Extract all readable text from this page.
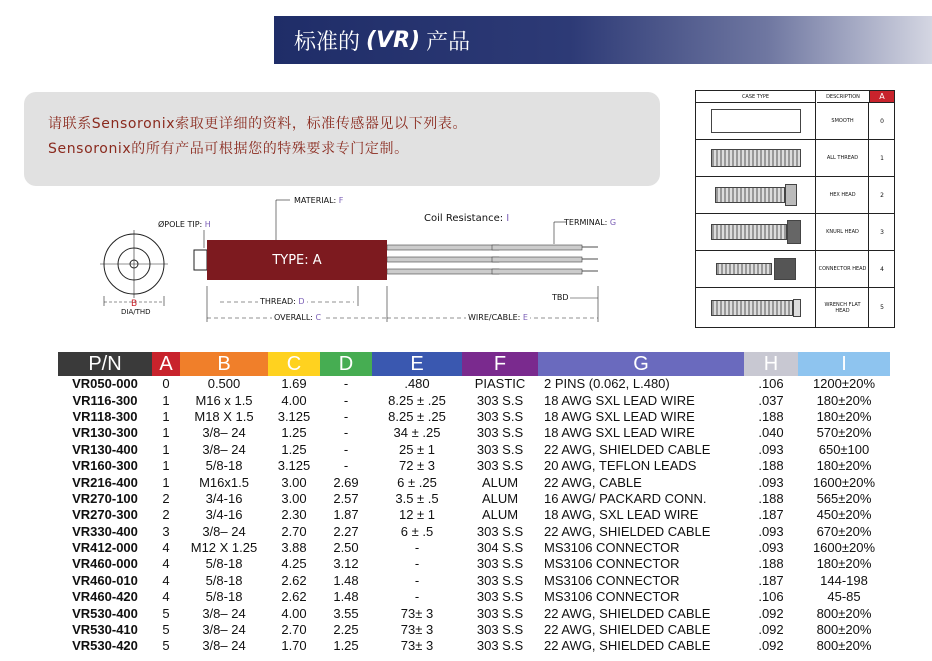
标准的 (VR) 产品
请联系Sensoronix索取更详细的资料，标准传感器见以下列表。
Sensoronix的所有产品可根据您的特殊要求专门定制。
TYPE: A
ØPOLE TIP: H
MATERIAL: F
Coil Resistance: I	TERMINAL: G
THREAD: D
OVERALL: C	WIRE/CABLE: E
TBD
B
DIA/THD
CASE TYPE	DESCRIPTION	A
SMOOTH	0
ALL THREAD	1
HEX HEAD	2
KNURL HEAD	3
CONNECTOR HEAD	4
WRENCH FLAT HEAD	5
P/N	A	B	C	D	E	F	G	H	I
VR050-000	0	0.500	1.69	-	.480	PIASTIC	2 PINS (0.062, L.480)	.106	1200±20%
VR116-300	1	M16 x 1.5	4.00	-	8.25 ± .25	303 S.S	18 AWG SXL LEAD WIRE	.037	180±20%
VR118-300	1	M18 X 1.5	3.125	-	8.25 ± .25	303 S.S	18 AWG SXL LEAD WIRE	.188	180±20%
VR130-300	1	3/8– 24	1.25	-	34 ± .25	303 S.S	18 AWG SXL LEAD WIRE	.040	570±20%
VR130-400	1	3/8– 24	1.25	-	25 ± 1	303 S.S	22 AWG, SHIELDED CABLE	.093	650±100
VR160-300	1	5/8-18	3.125	-	72 ± 3	303 S.S	20 AWG, TEFLON LEADS	.188	180±20%
VR216-400	1	M16x1.5	3.00	2.69	6 ± .25	ALUM	22 AWG, CABLE	.093	1600±20%
VR270-100	2	3/4-16	3.00	2.57	3.5 ± .5	ALUM	16 AWG/ PACKARD CONN.	.188	565±20%
VR270-300	2	3/4-16	2.30	1.87	12 ± 1	ALUM	18 AWG, SXL LEAD WIRE	.187	450±20%
VR330-400	3	3/8– 24	2.70	2.27	6 ± .5	303 S.S	22 AWG, SHIELDED CABLE	.093	670±20%
VR412-000	4	M12 X 1.25	3.88	2.50	-	304 S.S	MS3106 CONNECTOR	.093	1600±20%
VR460-000	4	5/8-18	4.25	3.12	-	303 S.S	MS3106 CONNECTOR	.188	180±20%
VR460-010	4	5/8-18	2.62	1.48	-	303 S.S	MS3106 CONNECTOR	.187	144-198
VR460-420	4	5/8-18	2.62	1.48	-	303 S.S	MS3106 CONNECTOR	.106	45-85
VR530-400	5	3/8– 24	4.00	3.55	73± 3	303 S.S	22 AWG, SHIELDED CABLE	.092	800±20%
VR530-410	5	3/8– 24	2.70	2.25	73± 3	303 S.S	22 AWG, SHIELDED CABLE	.092	800±20%
VR530-420	5	3/8– 24	1.70	1.25	73± 3	303 S.S	22 AWG, SHIELDED CABLE	.092	800±20%
